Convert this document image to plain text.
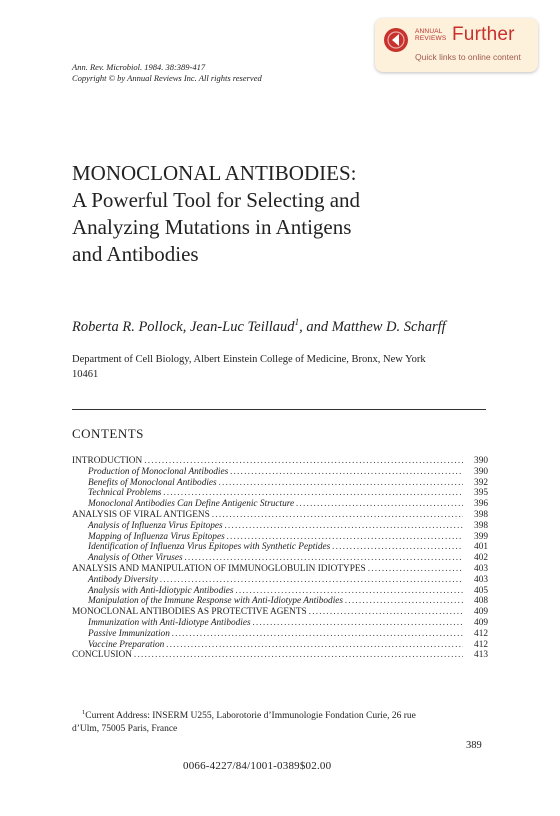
ANNUAL
REVIEWS Further
Quick links to online content
Ann. Rev. Microbiol. 1984. 38:389-417
Copyright © by Annual Reviews Inc. All rights reserved
MONOCLONAL ANTIBODIES:
A Powerful Tool for Selecting and
Analyzing Mutations in Antigens
and Antibodies
Roberta R. Pollock, Jean-Luc Teillaud$^1$, and Matthew D. Scharff
Department of Cell Biology, Albert Einstein College of Medicine, Bronx, New York
10461
CONTENTS
INTRODUCTION .....	390
Production of Monoclonal Antibodies .....	390
Benefits of Monoclonal Antibodies .....	392
Technical Problems .....	395
Monoclonal Antibodies Can Define Antigenic Structure .....	396
ANALYSIS OF VIRAL ANTIGENS .....	398
Analysis of Influenza Virus Epitopes .....	398
Mapping of Influenza Virus Epitopes .....	399
Identification of Influenza Virus Epitopes with Synthetic Peptides .....	401
Analysis of Other Viruses .....	402
ANALYSIS AND MANIPULATION OF IMMUNOGLOBULIN IDIOTYPES .....	403
Antibody Diversity .....	403
Analysis with Anti-Idiotypic Antibodies .....	405
Manipulation of the Immune Response with Anti-Idiotype Antibodies .....	408
MONOCLONAL ANTIBODIES AS PROTECTIVE AGENTS .....	409
Immunization with Anti-Idiotype Antibodies .....	409
Passive Immunization .....	412
Vaccine Preparation .....	412
CONCLUSION .....	413
$^1$Current Address: INSERM U255, Laborotorie d’Immunologie Fondation Curie, 26 rue
d’Ulm, 75005 Paris, France
389
0066-4227/84/1001-0389$02.00
